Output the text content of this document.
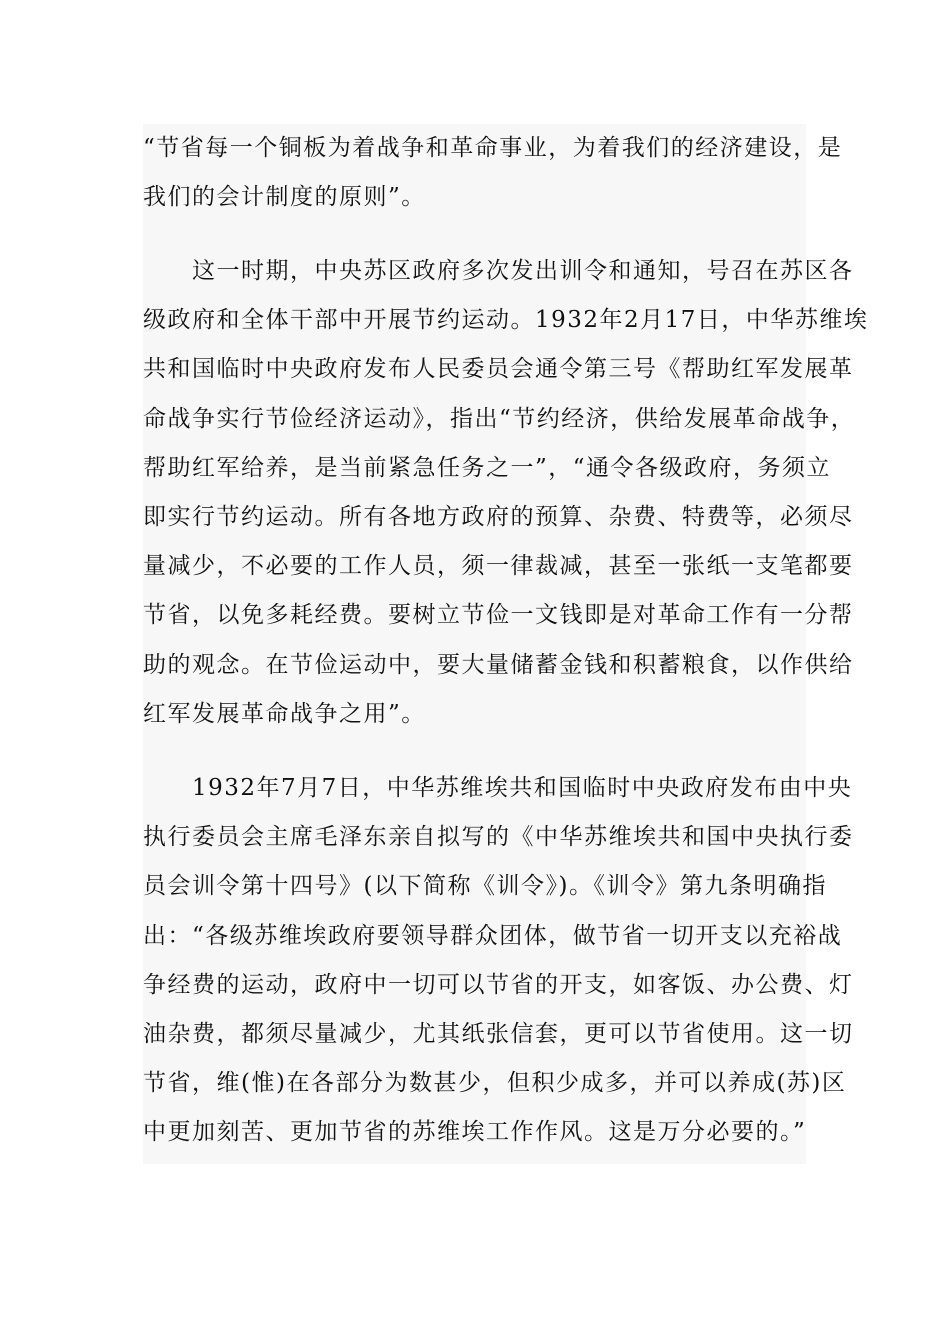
“节省每一个铜板为着战争和革命事业，为着我们的经济建设，是
我们的会计制度的原则”。
　　这一时期，中央苏区政府多次发出训令和通知，号召在苏区各
级政府和全体干部中开展节约运动。1932年2月17日，中华苏维埃
共和国临时中央政府发布人民委员会通令第三号《帮助红军发展革
命战争实行节俭经济运动》，指出“节约经济，供给发展革命战争，
帮助红军给养，是当前紧急任务之一”，“通令各级政府，务须立
即实行节约运动。所有各地方政府的预算、杂费、特费等，必须尽
量减少，不必要的工作人员，须一律裁减，甚至一张纸一支笔都要
节省，以免多耗经费。要树立节俭一文钱即是对革命工作有一分帮
助的观念。在节俭运动中，要大量储蓄金钱和积蓄粮食，以作供给
红军发展革命战争之用”。
　　1932年7月7日，中华苏维埃共和国临时中央政府发布由中央
执行委员会主席毛泽东亲自拟写的《中华苏维埃共和国中央执行委
员会训令第十四号》(以下简称《训令》)。《训令》第九条明确指
出：“各级苏维埃政府要领导群众团体，做节省一切开支以充裕战
争经费的运动，政府中一切可以节省的开支，如客饭、办公费、灯
油杂费，都须尽量减少，尤其纸张信套，更可以节省使用。这一切
节省，维(惟)在各部分为数甚少，但积少成多，并可以养成(苏)区
中更加刻苦、更加节省的苏维埃工作作风。这是万分必要的。”
